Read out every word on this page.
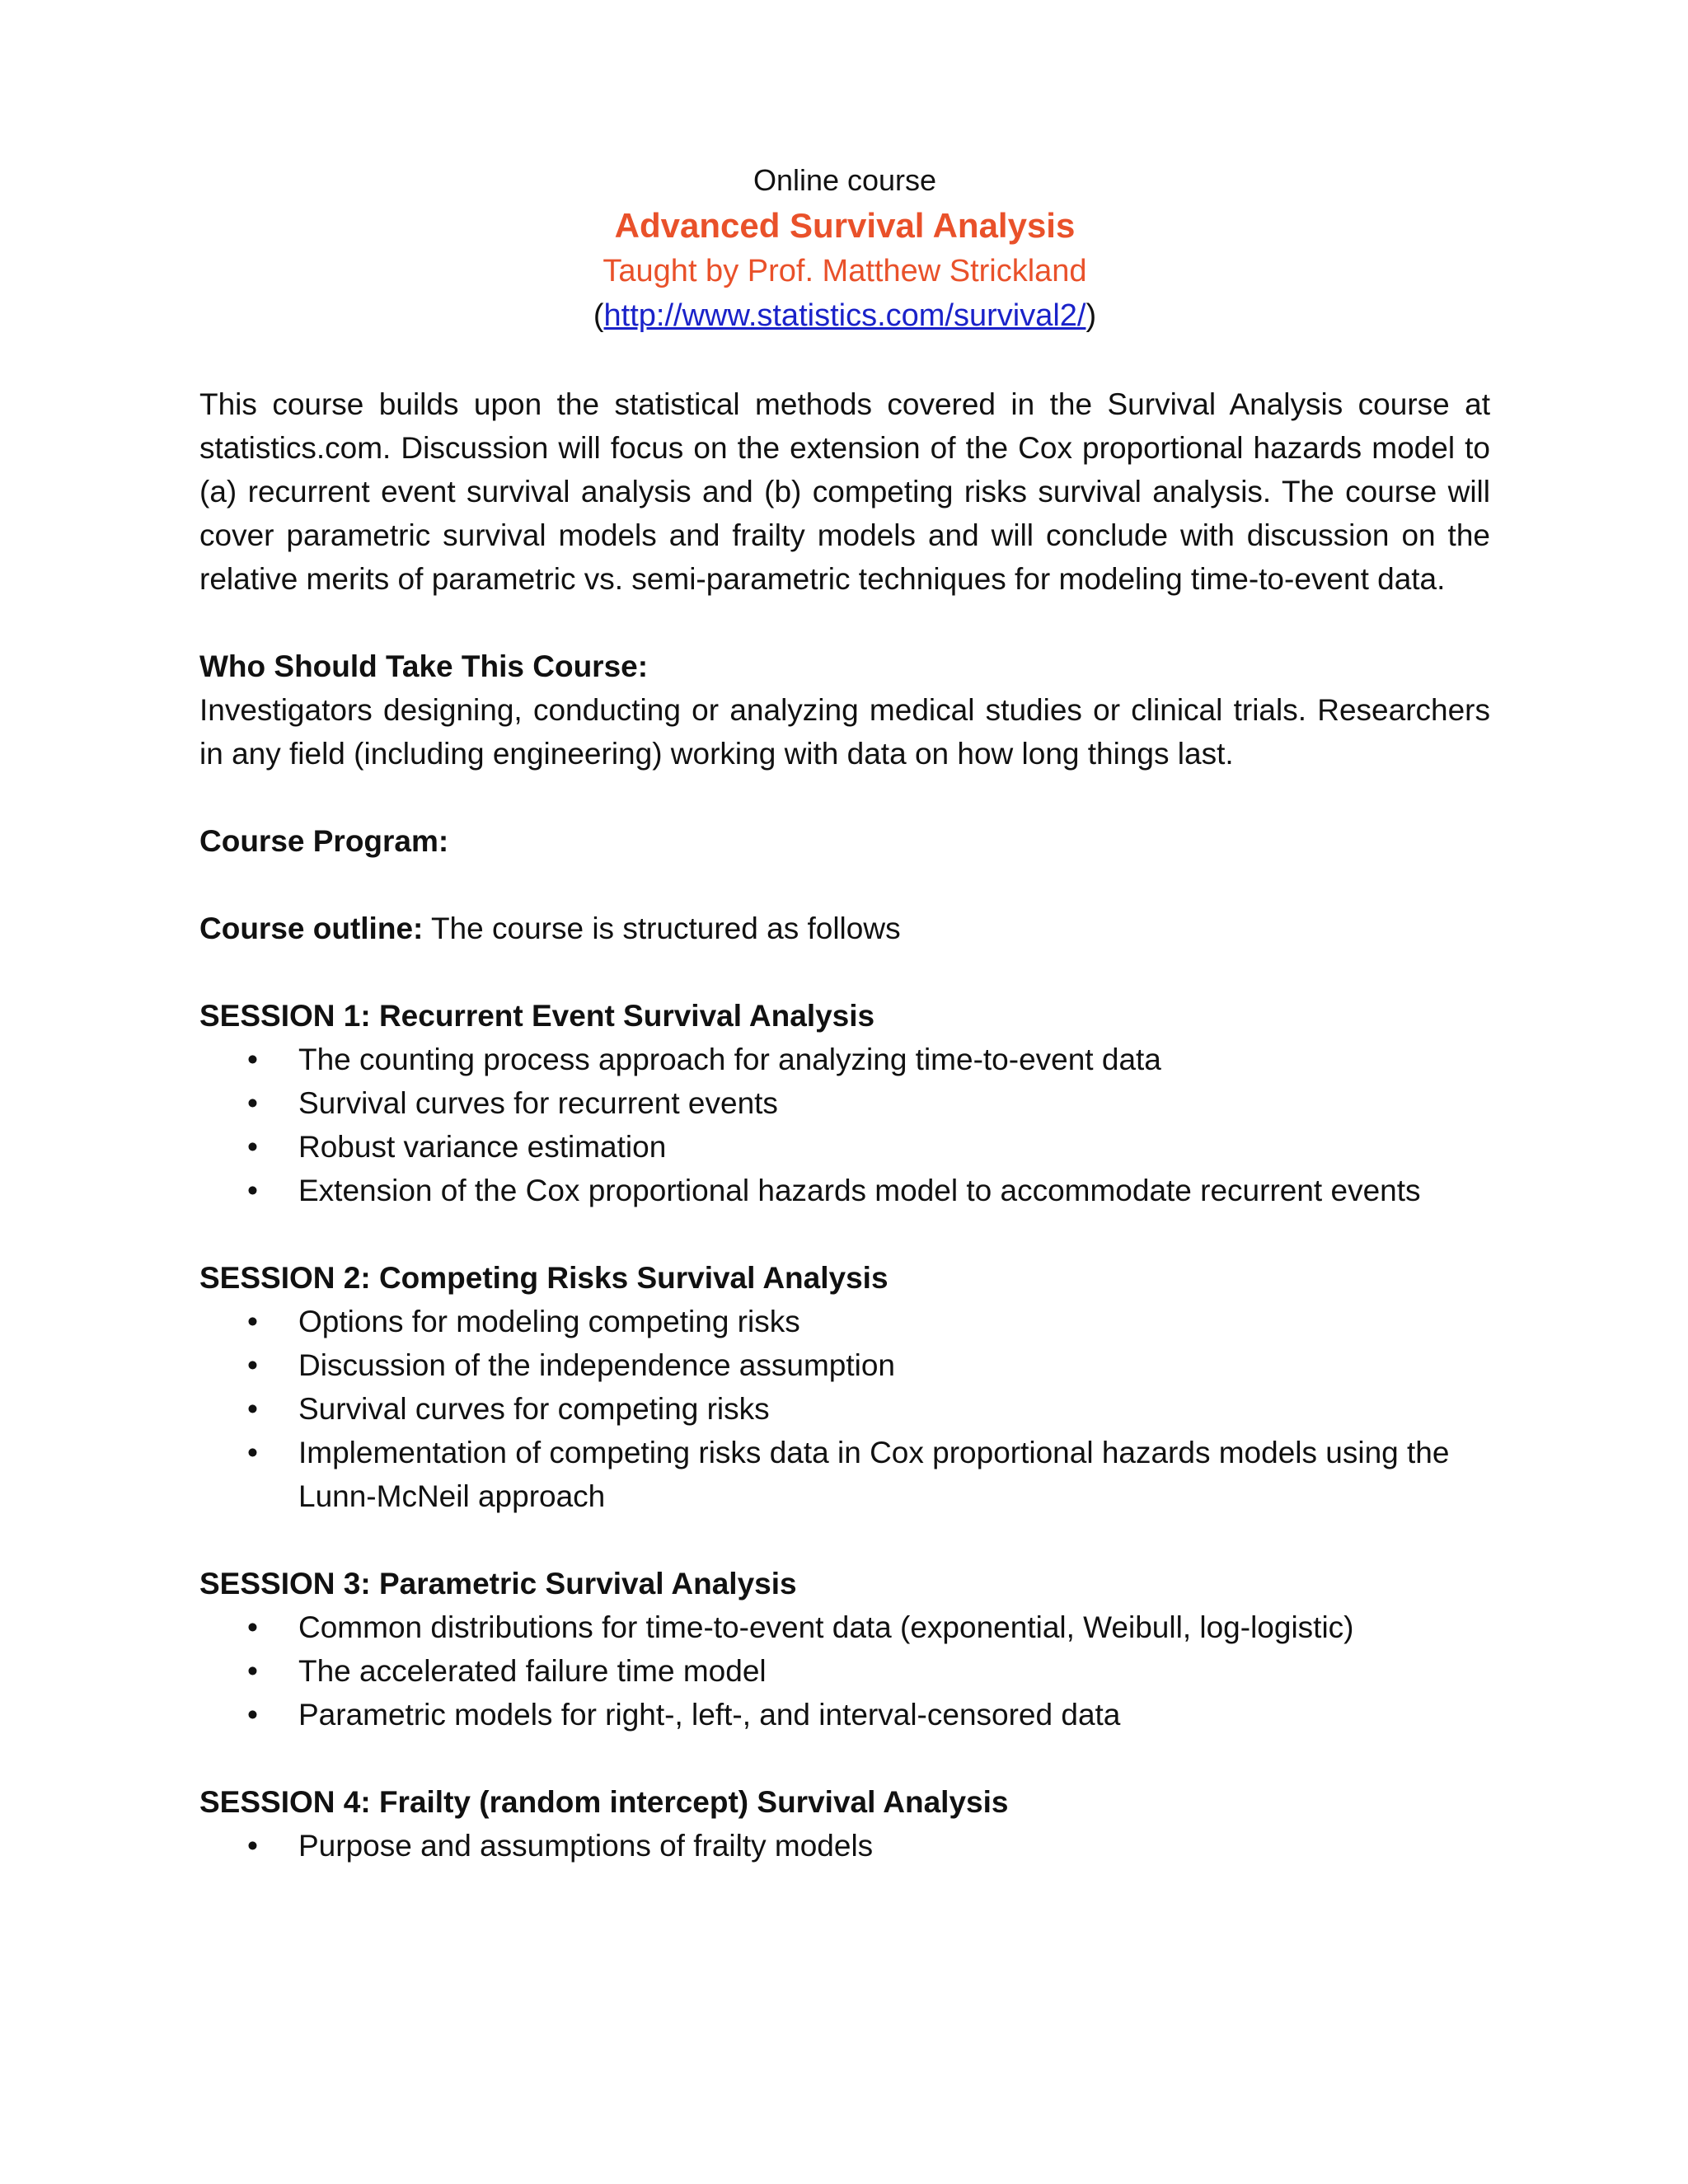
Online course
Advanced Survival Analysis
Taught by Prof. Matthew Strickland
(http://www.statistics.com/survival2/)

This course builds upon the statistical methods covered in the Survival Analysis course at statistics.com. Discussion will focus on the extension of the Cox proportional hazards model to (a) recurrent event survival analysis and (b) competing risks survival analysis. The course will cover parametric survival models and frailty models and will conclude with discussion on the relative merits of parametric vs. semi-parametric techniques for modeling time-to-event data.

Who Should Take This Course:

Investigators designing, conducting or analyzing medical studies or clinical trials. Researchers in any field (including engineering) working with data on how long things last.

Course Program:

Course outline: The course is structured as follows

SESSION 1: Recurrent Event Survival Analysis

• The counting process approach for analyzing time-to-event data
• Survival curves for recurrent events
• Robust variance estimation
• Extension of the Cox proportional hazards model to accommodate recurrent events

SESSION 2: Competing Risks Survival Analysis

• Options for modeling competing risks
• Discussion of the independence assumption
• Survival curves for competing risks
• Implementation of competing risks data in Cox proportional hazards models using the Lunn-McNeil approach

SESSION 3: Parametric Survival Analysis

• Common distributions for time-to-event data (exponential, Weibull, log-logistic)
• The accelerated failure time model
• Parametric models for right-, left-, and interval-censored data

SESSION 4: Frailty (random intercept) Survival Analysis

• Purpose and assumptions of frailty models
